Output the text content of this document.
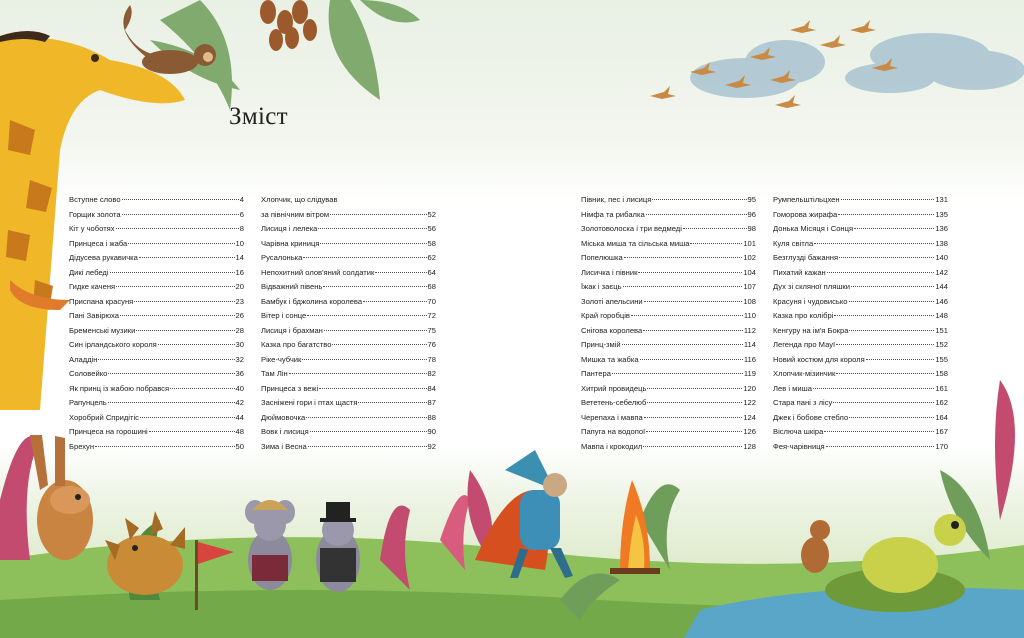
Зміст
Вступне слово	4
Горщик золота	6
Кіт у чоботях	8
Принцеса і жаба	10
Дідусева рукавичка	14
Дикі лебеді	16
Гидке каченя	20
Приспана красуня	23
Пані Завірюха	26
Бременські музики	28
Син ірландського короля	30
Аладдін	32
Соловейко	36
Як принц із жабою побрався	40
Рапунцель	42
Хоробрий Спридітіс	44
Принцеса на горошині	48
Брехун	50
Хлопчик, що слідував
за північним вітром	52
Лисиця і лелека	56
Чарівна криниця	58
Русалонька	62
Непохитний олов'яний солдатик	64
Відважний півень	68
Бамбук і бджолина королева	70
Вітер і сонце	72
Лисиця і брахман	75
Казка про багатство	76
Ріке-чубчик	78
Там Лін	82
Принцеса з вежі	84
Засніжені гори і птах щастя	87
Дюймовочка	88
Вовк і лисиця	90
Зима і Весна	92
Півник, пес і лисиця	95
Німфа та рибалка	96
Золотоволоска і три ведмеді	98
Міська миша та сільська миша	101
Попелюшка	102
Лисичка і півник	104
Їжак і заєць	107
Золоті апельсини	108
Край горобців	110
Снігова королева	112
Принц-змій	114
Мишка та жабка	116
Пантера	119
Хитрий провидець	120
Вететень-себелюб	122
Черепаха і мавпа	124
Папуга на водопої	126
Мавпа і крокодил	128
Румпельштільцхен	131
Гоморова жирафа	135
Донька Місяця і Сонця	136
Куля світла	138
Безглузді бажання	140
Пихатий кажан	142
Дух зі скляної пляшки	144
Красуня і чудовисько	146
Казка про колібрі	148
Кенгуру на ім'я Бокра	151
Легенда про Мауї	152
Новий костюм для короля	155
Хлопчик-мізинчик	158
Лев і миша	161
Стара пані з лісу	162
Джек і бобове стебло	164
Віслюча шкіра	167
Фея-чарівниця	170
